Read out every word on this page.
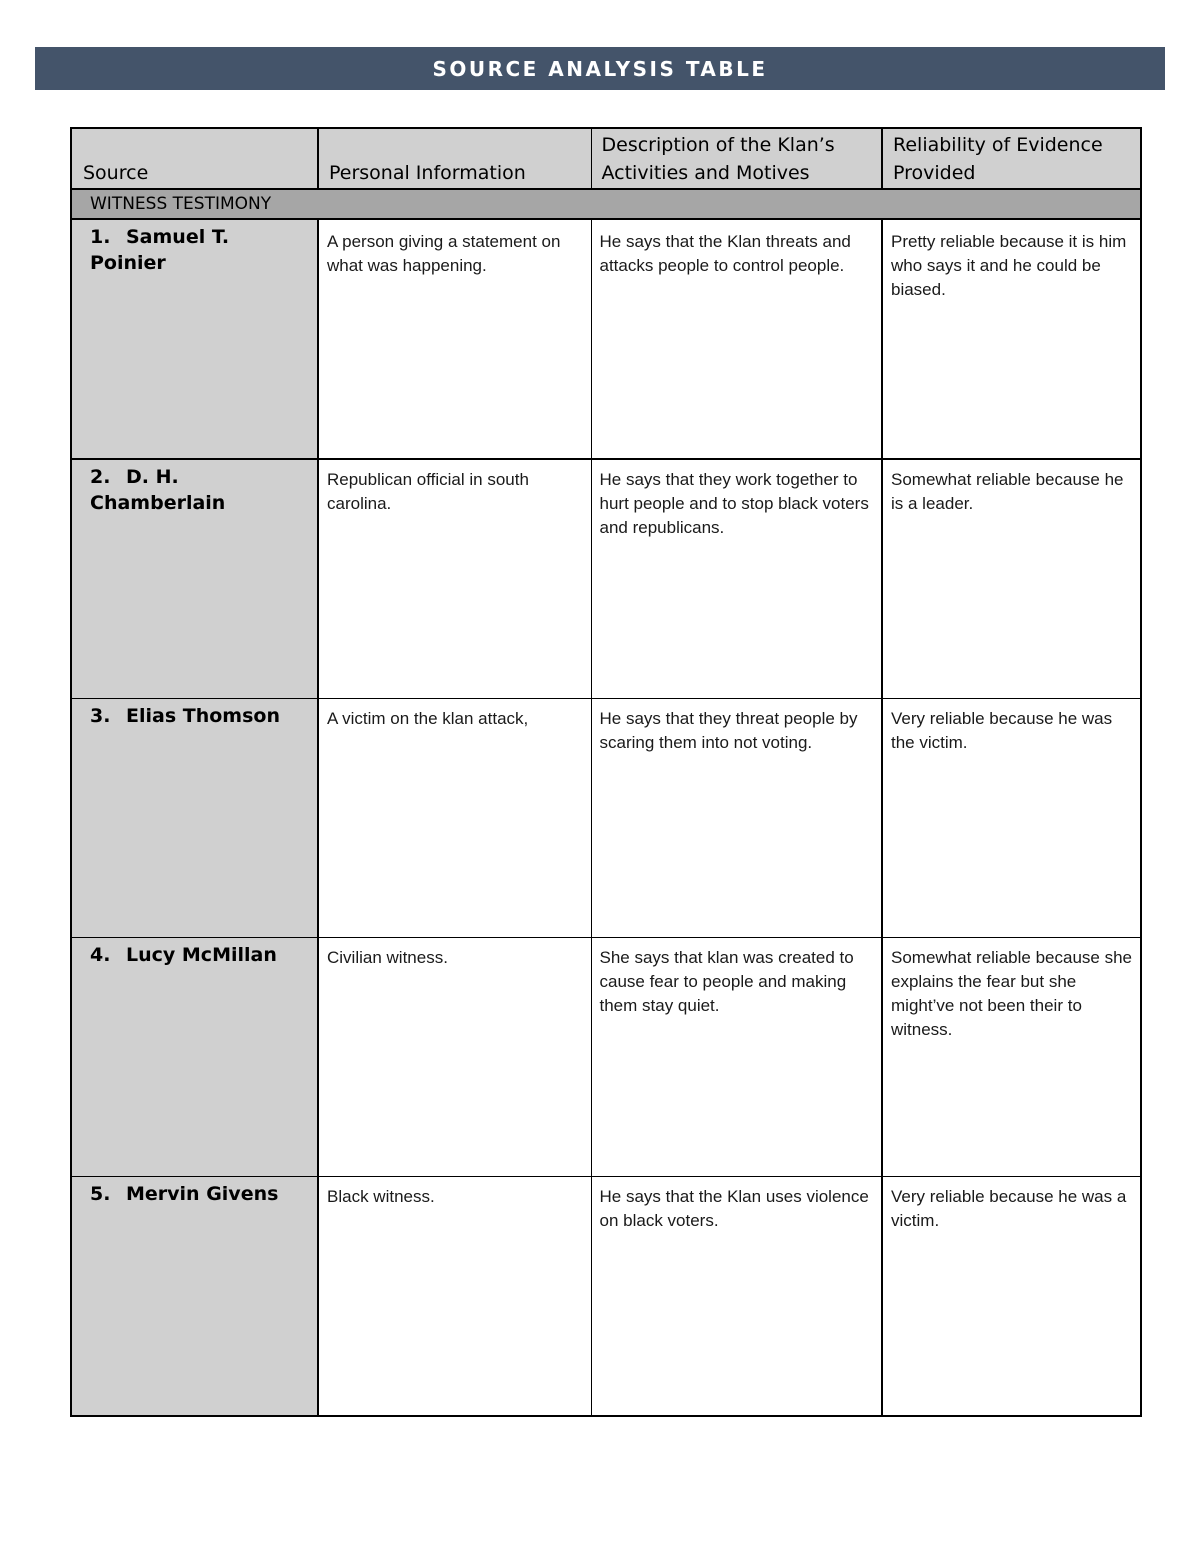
SOURCE ANALYSIS TABLE
Source	Personal Information	Description of the Klan’s Activities and Motives	Reliability of Evidence Provided
WITNESS TESTIMONY			
1. Samuel T. Poinier	A person giving a statement on what was happening.	He says that the Klan threats and attacks people to control people.	Pretty reliable because it is him who says it and he could be biased.
2. D. H. Chamberlain	Republican official in south carolina.	He says that they work together to hurt people and to stop black voters and republicans.	Somewhat reliable because he is a leader.
3. Elias Thomson	A victim on the klan attack,	He says that they threat people by scaring them into not voting.	Very reliable because he was the victim.
4. Lucy McMillan	Civilian witness.	She says that klan was created to cause fear to people and making them stay quiet.	Somewhat reliable because she explains the fear but she might’ve not been their to witness.
5. Mervin Givens	Black witness.	He says that the Klan uses violence on black voters.	Very reliable because he was a victim.
